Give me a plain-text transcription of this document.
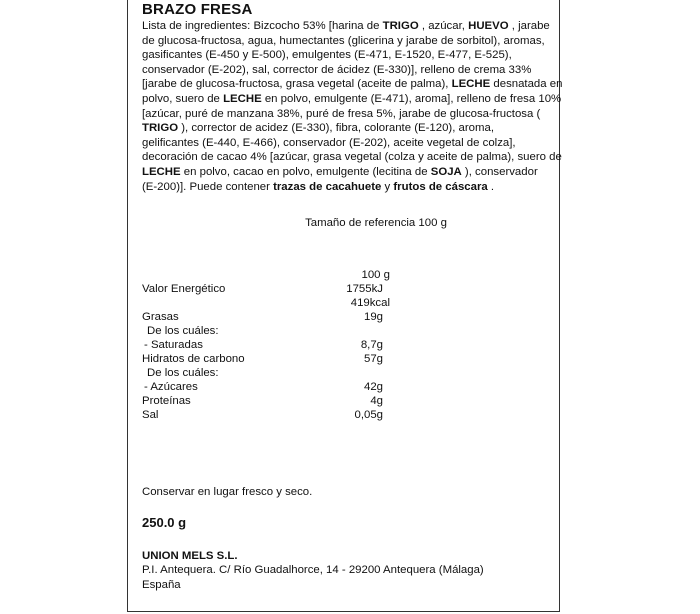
BRAZO FRESA
Lista de ingredientes: Bizcocho 53% [harina de TRIGO , azúcar, HUEVO , jarabe
de glucosa-fructosa, agua, humectantes (glicerina y jarabe de sorbitol), aromas,
gasificantes (E-450 y E-500), emulgentes (E-471, E-1520, E-477, E-525),
conservador (E-202), sal, corrector de ácidez (E-330)], relleno de crema 33%
[jarabe de glucosa-fructosa, grasa vegetal (aceite de palma), LECHE desnatada en
polvo, suero de LECHE en polvo, emulgente (E-471), aroma], relleno de fresa 10%
[azúcar, puré de manzana 38%, puré de fresa 5%, jarabe de glucosa-fructosa (
TRIGO ), corrector de acidez (E-330), fibra, colorante (E-120), aroma,
gelificantes (E-440, E-466), conservador (E-202), aceite vegetal de colza],
decoración de cacao 4% [azúcar, grasa vegetal (colza y aceite de palma), suero de
LECHE en polvo, cacao en polvo, emulgente (lecitina de SOJA ), conservador
(E-200)]. Puede contener trazas de cacahuete y frutos de cáscara .
Tamaño de referencia 100 g
100 g
Valor Energético	1755kJ
419kcal
Grasas	19g
De los cuáles:
- Saturadas	8,7g
Hidratos de carbono	57g
De los cuáles:
- Azúcares	42g
Proteínas	4g
Sal	0,05g
Conservar en lugar fresco y seco.
250.0 g
UNION MELS S.L.
P.I. Antequera. C/ Río Guadalhorce, 14 - 29200 Antequera (Málaga)
España
